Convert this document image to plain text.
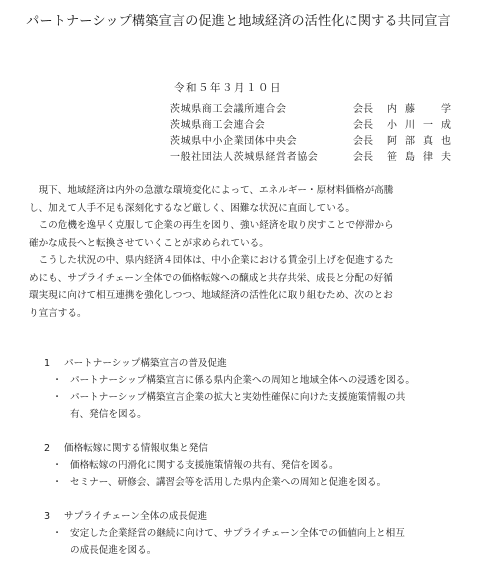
パートナーシップ構築宣言の促進と地域経済の活性化に関する共同宣言
令和５年３月１０日
茨城県商工会議所連合会	会長	内藤　学
茨城県商工会連合会	会長	小川一成
茨城県中小企業団体中央会	会長	阿部真也
一般社団法人茨城県経営者協会	会長	笹島律夫

現下、地域経済は内外の急激な環境変化によって、エネルギー・原材料価格が高騰

し、加えて人手不足も深刻化するなど厳しく、困難な状況に直面している。

この危機を逸早く克服して企業の再生を図り、強い経済を取り戻すことで停滞から

確かな成長へと転換させていくことが求められている。

こうした状況の中、県内経済４団体は、中小企業における賃金引上げを促進するた

めにも、サプライチェーン全体での価格転嫁への醸成と共存共栄、成長と分配の好循

環実現に向けて相互連携を強化しつつ、地域経済の活性化に取り組むため、次のとお

り宣言する。

1	パートナーシップ構築宣言の普及促進
・ パートナーシップ構築宣言に係る県内企業への周知と地域全体への浸透を図る。
・ パートナーシップ構築宣言企業の拡大と実効性確保に向けた支援施策情報の共
有、発信を図る。
2	価格転嫁に関する情報収集と発信
・ 価格転嫁の円滑化に関する支援施策情報の共有、発信を図る。
・ セミナー、研修会、講習会等を活用した県内企業への周知と促進を図る。
3	サプライチェーン全体の成長促進
・ 安定した企業経営の継続に向けて、サプライチェーン全体での価値向上と相互
の成長促進を図る。
